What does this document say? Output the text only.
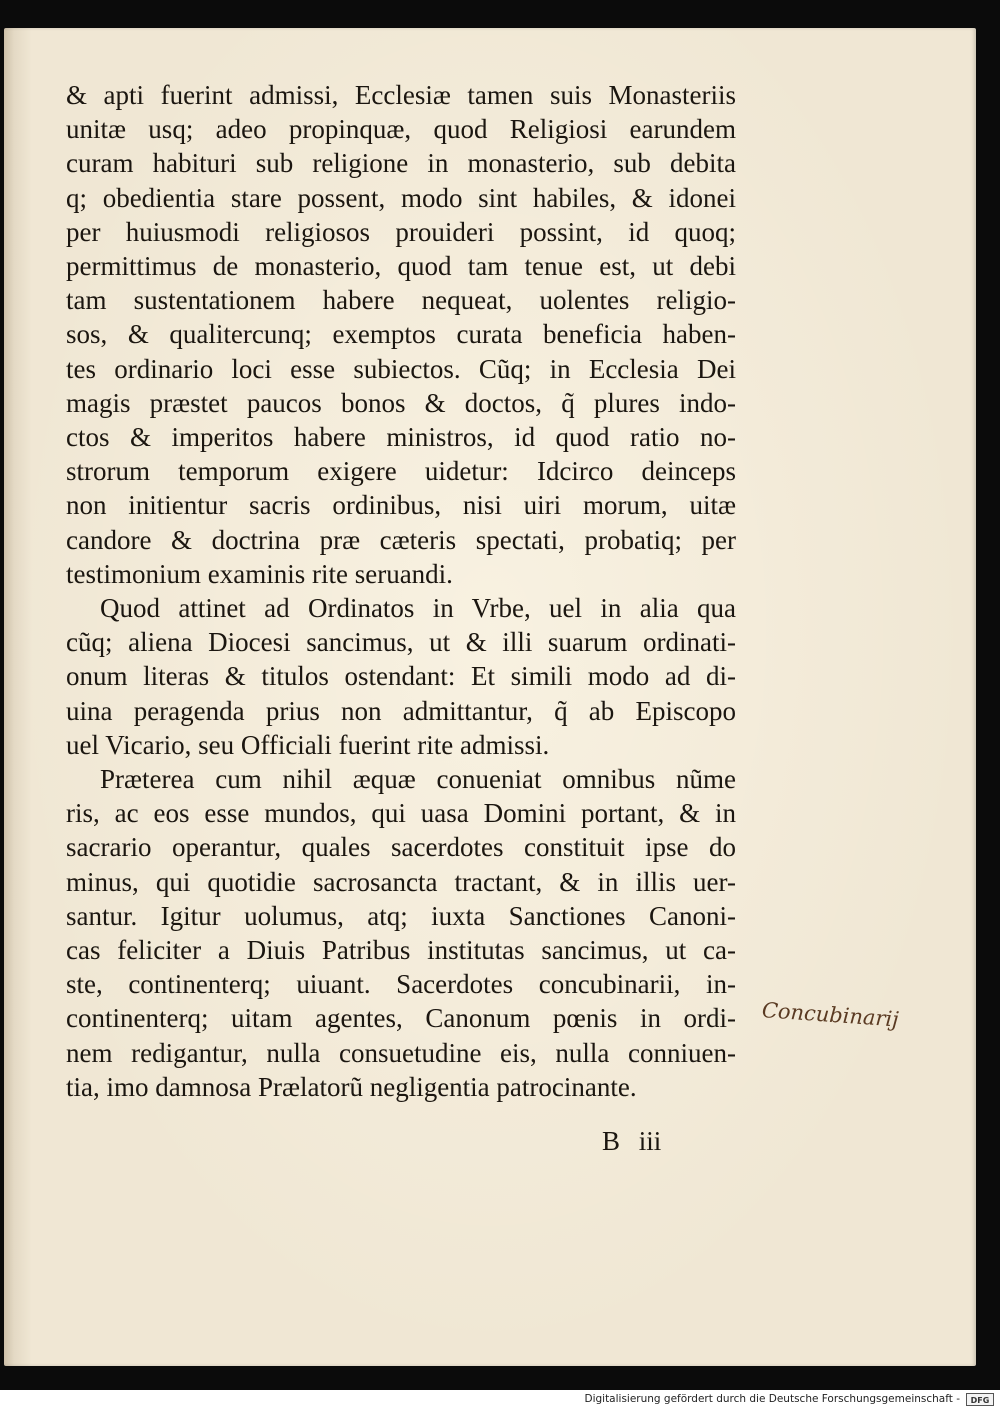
& apti fuerint admissi, Ecclesiæ tamen suis Monasteriis
unitæ usq; adeo propinquæ, quod Religiosi earundem
curam habituri sub religione in monasterio, sub debita
q; obedientia stare possent, modo sint habiles, & idonei
per huiusmodi religiosos prouideri possint, id quoq;
permittimus de monasterio, quod tam tenue est, ut debi
tam sustentationem habere nequeat, uolentes religio-
sos, & qualitercunq; exemptos curata beneficia haben-
tes ordinario loci esse subiectos. Cũq; in Ecclesia Dei
magis præstet paucos bonos & doctos, q̃ plures indo-
ctos & imperitos habere ministros, id quod ratio no-
strorum temporum exigere uidetur: Idcirco deinceps
non initientur sacris ordinibus, nisi uiri morum, uitæ
candore & doctrina præ cæteris spectati, probatiq; per
testimonium examinis rite seruandi.
Quod attinet ad Ordinatos in Vrbe, uel in alia qua
cũq; aliena Diocesi sancimus, ut & illi suarum ordinati-
onum literas & titulos ostendant: Et simili modo ad di-
uina peragenda prius non admittantur, q̃ ab Episcopo
uel Vicario, seu Officiali fuerint rite admissi.
Præterea cum nihil æquæ conueniat omnibus nũme
ris, ac eos esse mundos, qui uasa Domini portant, & in
sacrario operantur, quales sacerdotes constituit ipse do
minus, qui quotidie sacrosancta tractant, & in illis uer-
santur. Igitur uolumus, atq; iuxta Sanctiones Canoni-
cas feliciter a Diuis Patribus institutas sancimus, ut ca-
ste, continenterq; uiuant. Sacerdotes concubinarii, in-
continenterq; uitam agentes, Canonum pœnis in ordi-
nem redigantur, nulla consuetudine eis, nulla conniuen-
tia, imo damnosa Prælatorũ negligentia patrocinante.
B iii
Concubinarij
Digitalisierung gefördert durch die Deutsche Forschungsgemeinschaft -	DFG
